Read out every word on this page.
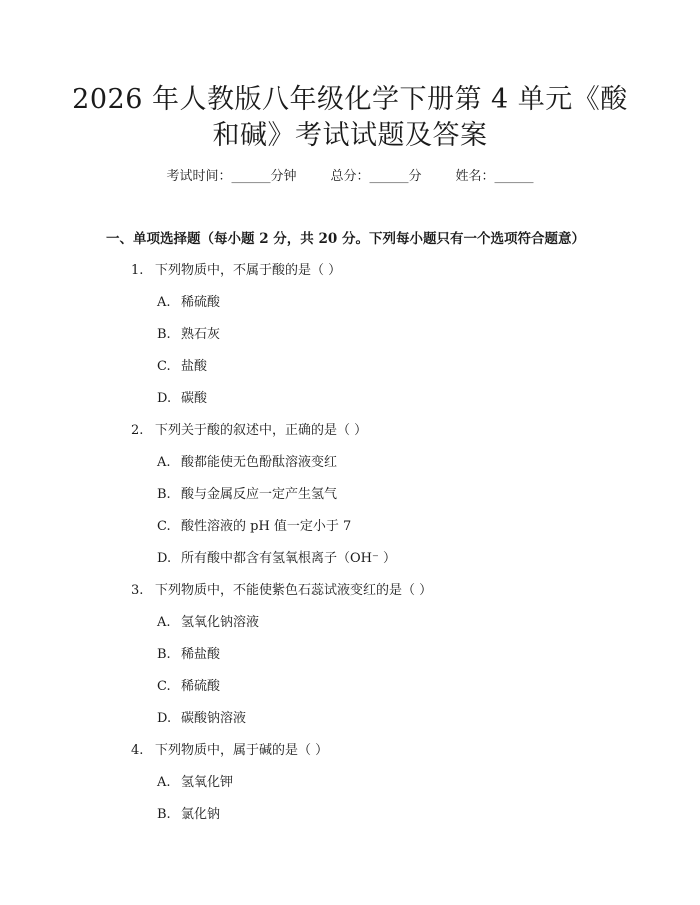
2026 年人教版八年级化学下册第 4 单元《酸
和碱》考试试题及答案
考试时间：______分钟	总分：______分	姓名：______
一、单项选择题（每小题 2 分，共 20 分。下列每小题只有一个选项符合题意）
1. 下列物质中，不属于酸的是（ ）
A. 稀硫酸
B. 熟石灰
C. 盐酸
D. 碳酸
2. 下列关于酸的叙述中，正确的是（ ）
A. 酸都能使无色酚酞溶液变红
B. 酸与金属反应一定产生氢气
C. 酸性溶液的 pH 值一定小于 7
D. 所有酸中都含有氢氧根离子（OH⁻ ）
3. 下列物质中，不能使紫色石蕊试液变红的是（ ）
A. 氢氧化钠溶液
B. 稀盐酸
C. 稀硫酸
D. 碳酸钠溶液
4. 下列物质中，属于碱的是（ ）
A. 氢氧化钾
B. 氯化钠
